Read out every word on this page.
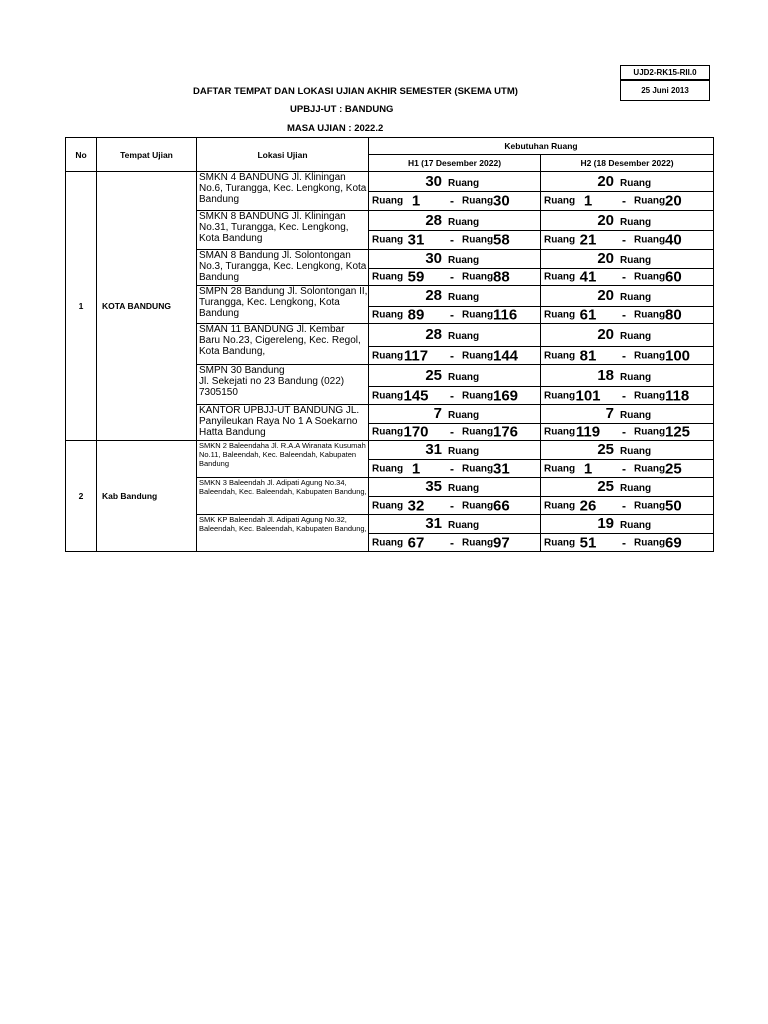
UJD2-RK15-RII.0
25 Juni 2013
DAFTAR TEMPAT DAN LOKASI UJIAN AKHIR SEMESTER (SKEMA UTM)
UPBJJ-UT : BANDUNG
MASA UJIAN : 2022.2
No	Tempat Ujian	Lokasi Ujian	Kebutuhan Ruang	
			H1 (17 Desember 2022)	H2 (18 Desember 2022)
1	KOTA BANDUNG	SMKN 4 BANDUNG Jl. Kliningan No.6, Turangga, Kec. Lengkong, Kota Bandung	30 Ruang	20 Ruang

			Ruang 1 - Ruang 30	Ruang 1 - Ruang 20

		SMKN 8 BANDUNG Jl. Kliningan No.31, Turangga, Kec. Lengkong, Kota Bandung	28 Ruang	20 Ruang

			Ruang 31 - Ruang 58	Ruang 21 - Ruang 40

		SMAN 8 Bandung Jl. Solontongan No.3, Turangga, Kec. Lengkong, Kota Bandung	30 Ruang	20 Ruang

			Ruang 59 - Ruang 88	Ruang 41 - Ruang 60

		SMPN 28 Bandung Jl. Solontongan II, Turangga, Kec. Lengkong, Kota Bandung	28 Ruang	20 Ruang

			Ruang 89 - Ruang 116	Ruang 61 - Ruang 80

		SMAN 11 BANDUNG Jl. Kembar Baru No.23, Cigereleng, Kec. Regol, Kota Bandung,	28 Ruang	20 Ruang

			Ruang 117 - Ruang 144	Ruang 81 - Ruang 100

		SMPN 30 Bandung
Jl. Sekejati no 23 Bandung (022) 7305150	25 Ruang	18 Ruang

			Ruang 145 - Ruang 169	Ruang 101 - Ruang 118

		KANTOR UPBJJ-UT BANDUNG JL. Panyileukan Raya No 1 A Soekarno Hatta Bandung	7 Ruang	7 Ruang

			Ruang 170 - Ruang 176	Ruang 119 - Ruang 125

2	Kab Bandung	SMKN 2 Baleendaha Jl. R.A.A Wiranata Kusumah No.11, Baleendah, Kec. Baleendah, Kabupaten Bandung	31 Ruang	25 Ruang

			Ruang 1 - Ruang 31	Ruang 1 - Ruang 25

		SMKN 3 Baleendah Jl. Adipati Agung No.34, Baleendah, Kec. Baleendah, Kabupaten Bandung,	35 Ruang	25 Ruang

			Ruang 32 - Ruang 66	Ruang 26 - Ruang 50

		SMK KP Baleendah Jl. Adipati Agung No.32, Baleendah, Kec. Baleendah, Kabupaten Bandung,	31 Ruang	19 Ruang

			Ruang 67 - Ruang 97	Ruang 51 - Ruang 69
